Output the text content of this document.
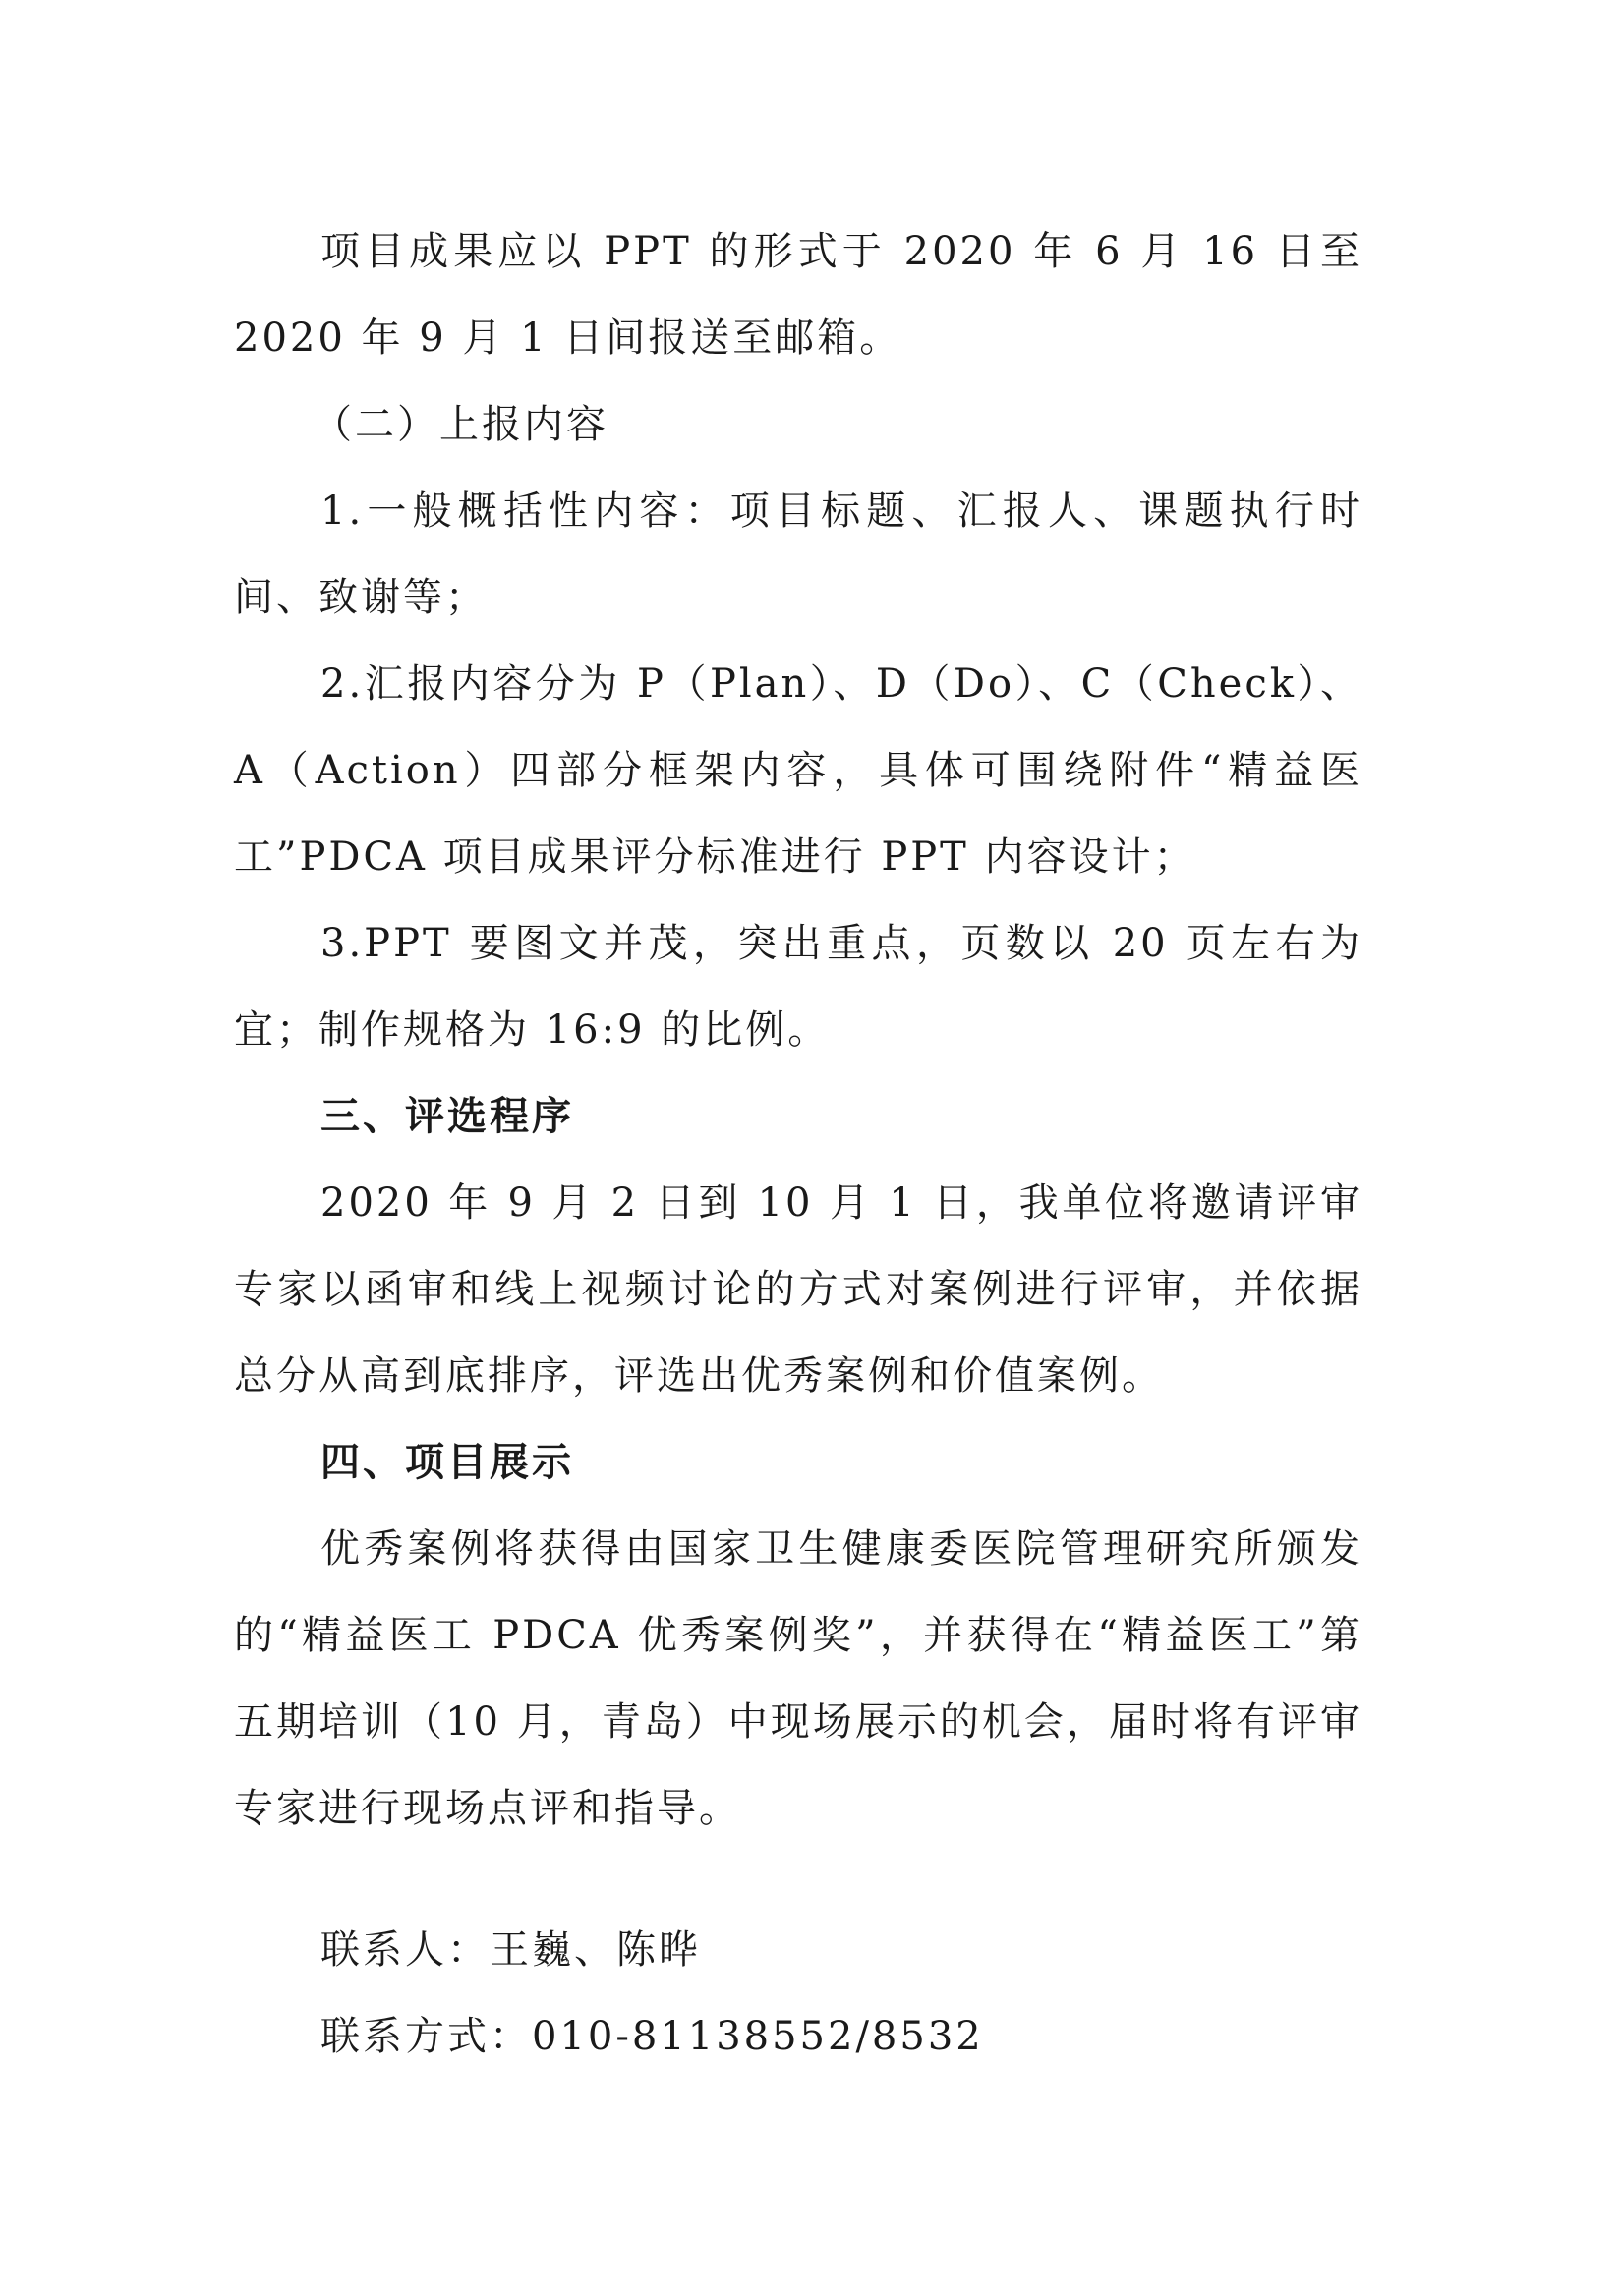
项目成果应以 PPT 的形式于 2020 年 6 月 16 日至 2020 年 9 月 1 日间报送至邮箱。

（二）上报内容

1.一般概括性内容：项目标题、汇报人、课题执行时间、致谢等；

2.汇报内容分为 P（Plan）、D（Do）、C（Check）、A（Action）四部分框架内容，具体可围绕附件“精益医工”PDCA 项目成果评分标准进行 PPT 内容设计；

3.PPT 要图文并茂，突出重点，页数以 20 页左右为宜；制作规格为 16:9 的比例。

三、评选程序

2020 年 9 月 2 日到 10 月 1 日，我单位将邀请评审专家以函审和线上视频讨论的方式对案例进行评审，并依据总分从高到底排序，评选出优秀案例和价值案例。

四、项目展示

优秀案例将获得由国家卫生健康委医院管理研究所颁发的“精益医工 PDCA 优秀案例奖”，并获得在“精益医工”第五期培训（10 月，青岛）中现场展示的机会，届时将有评审专家进行现场点评和指导。

联系人：王巍、陈晔

联系方式：010-81138552/8532
